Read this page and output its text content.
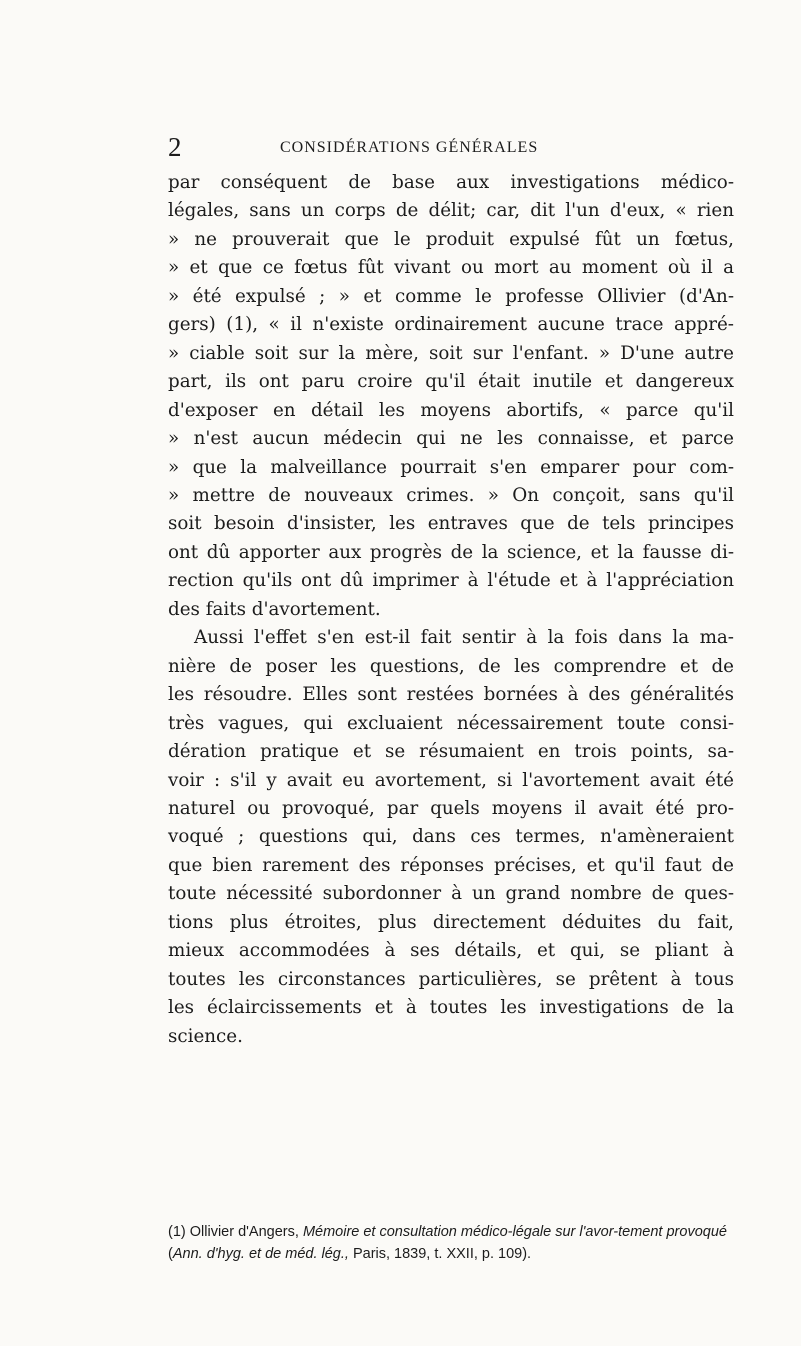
2	CONSIDÉRATIONS GÉNÉRALES
par conséquent de base aux investigations médico-
légales, sans un corps de délit; car, dit l'un d'eux, « rien
» ne prouverait que le produit expulsé fût un fœtus,
» et que ce fœtus fût vivant ou mort au moment où il a
» été expulsé ; » et comme le professe Ollivier (d'An-
gers) (1), « il n'existe ordinairement aucune trace appré-
» ciable soit sur la mère, soit sur l'enfant. » D'une autre
part, ils ont paru croire qu'il était inutile et dangereux
d'exposer en détail les moyens abortifs, « parce qu'il
» n'est aucun médecin qui ne les connaisse, et parce
» que la malveillance pourrait s'en emparer pour com-
» mettre de nouveaux crimes. » On conçoit, sans qu'il
soit besoin d'insister, les entraves que de tels principes
ont dû apporter aux progrès de la science, et la fausse di-
rection qu'ils ont dû imprimer à l'étude et à l'appréciation
des faits d'avortement.
Aussi l'effet s'en est-il fait sentir à la fois dans la ma-
nière de poser les questions, de les comprendre et de
les résoudre. Elles sont restées bornées à des généralités
très vagues, qui excluaient nécessairement toute consi-
dération pratique et se résumaient en trois points, sa-
voir : s'il y avait eu avortement, si l'avortement avait été
naturel ou provoqué, par quels moyens il avait été pro-
voqué ; questions qui, dans ces termes, n'amèneraient
que bien rarement des réponses précises, et qu'il faut de
toute nécessité subordonner à un grand nombre de ques-
tions plus étroites, plus directement déduites du fait,
mieux accommodées à ses détails, et qui, se pliant à
toutes les circonstances particulières, se prêtent à tous
les éclaircissements et à toutes les investigations de la
science.
(1) Ollivier d'Angers, Mémoire et consultation médico-légale sur l'avor-tement provoqué (Ann. d'hyg. et de méd. lég., Paris, 1839, t. XXII, p. 109).
